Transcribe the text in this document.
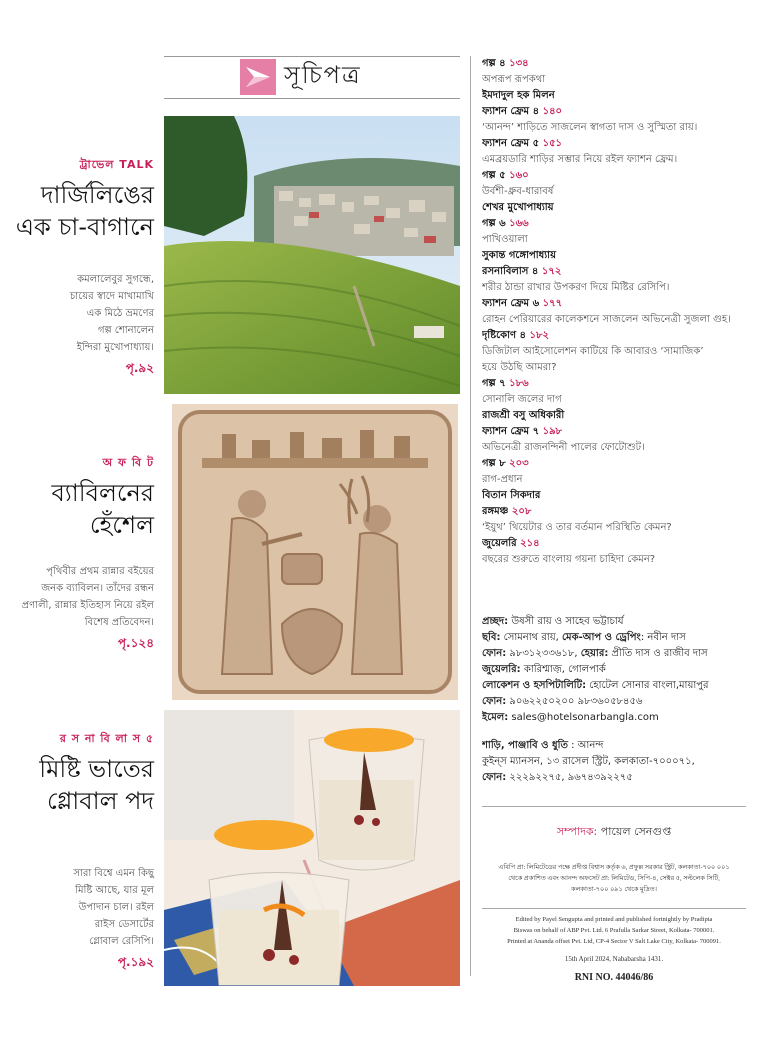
সূচিপত্র
ট্রাভেল TALK
দার্জিলিঙের
এক চা-বাগানে
কমলালেবুর সুগন্ধে,
চায়ের স্বাদে মাখামাখি
এক মিঠে ভ্রমণের
গল্প শোনালেন
ইন্দিরা মুখোপাধ্যায়।
পৃ.৯২
অ ফ বি ট
ব্যাবিলনের
হেঁশেল
পৃথিবীর প্রথম রান্নার বইয়ের
জনক ব্যাবিলন। তাঁদের রন্ধন
প্রণালী, রান্নার ইতিহাস নিয়ে রইল
বিশেষ প্রতিবেদন।
পৃ.১২৪
র স না বি লা স ৫
মিষ্টি ভাতের
গ্লোবাল পদ
সারা বিশ্বে এমন কিছু
মিষ্টি আছে, যার মূল
উপাদান চাল। রইল
রাইস ডেসার্টের
গ্লোবাল রেসিপি।
পৃ.১৯২
গল্প ৪ ১৩৪
অপরূপ রূপকথা
ইমদাদুল হক মিলন
ফ্যাশন ফ্রেম ৪ ১৪০
‘আনন্দ’ শাড়িতে সাজলেন স্বাগতা দাস ও সুস্মিতা রায়।
ফ্যাশন ফ্রেম ৫ ১৫১
এমব্রয়ডারি শাড়ির সম্ভার নিয়ে রইল ফ্যাশন ফ্রেম।
গল্প ৫ ১৬০
উর্বশী-ধ্রুব-ধারাবর্ষ
শেখর মুখোপাধ্যায়
গল্প ৬ ১৬৬
পাখিওয়ালা
সুকান্ত গঙ্গোপাধ্যায়
রসনাবিলাস ৪ ১৭২
শরীর ঠান্ডা রাখার উপকরণ দিয়ে মিষ্টির রেসিপি।
ফ্যাশন ফ্রেম ৬ ১৭৭
রোহন পেরিয়ারের কালেকশনে সাজলেন অভিনেত্রী সুজলা গুহ।
দৃষ্টিকোণ ৪ ১৮২
ডিজিটাল আইসোলেশন কাটিয়ে কি আবারও ‘সামাজিক’
হয়ে উঠছি আমরা?
গল্প ৭ ১৮৬
সোনালি জলের দাগ
রাজশ্রী বসু অধিকারী
ফ্যাশন ফ্রেম ৭ ১৯৮
অভিনেত্রী রাজনন্দিনী পালের ফোটোশুট।
গল্প ৮ ২০৩
রাগ-প্রধান
বিতান সিকদার
রঙ্গমঞ্চ ২০৮
‘ইয়ুথ’ থিয়েটার ও তার বর্তমান পরিস্থিতি কেমন?
জুয়েলরি ২১৪
বছরের শুরুতে বাংলায় গয়না চাহিদা কেমন?
প্রচ্ছদ: উষসী রায় ও সাহেব ভট্টাচার্য
ছবি: সোমনাথ রায়, মেক-আপ ও ড্রেপিং: নবীন দাস
ফোন: ৯৮৩১২৩৩৬১৮, হেয়ার: প্রীতি দাস ও রাজীব দাস
জুয়েলরি: কারিশ্মাজ়, গোলপার্ক
লোকেশন ও হসপিটালিটি: হোটেল সোনার বাংলা,মায়াপুর
ফোন: ৯০৬২২৫০২০০ ৯৮৩৬০৫৮৪৫৬
ইমেল: sales@hotelsonarbangla.com
শাড়ি, পাঞ্জাবি ও ধুতি : আনন্দ
কুইন্‌স ম্যানসন, ১৩ রাসেল স্ট্রিট, কলকাতা-৭০০০৭১,
ফোন: ২২২৯২২৭৫, ৯৬৭৪৩৯২২৭৫
সম্পাদক: পায়েল সেনগুপ্ত
এবিপি প্রা: লিমিটেডের পক্ষে প্রদীপ্ত বিশ্বাস কর্তৃক ৬, প্রফুল্ল সরকার স্ট্রিট, কলকাতা-৭০০ ০০১
থেকে প্রকাশিত এবং আনন্দ অফসেট প্রা: লিমিটেড, সিপি-৪, সেক্টর ৫, সল্টলেক সিটি,
কলকাতা-৭০০ ০৯১ থেকে মুদ্রিত।
Edited by Payel Sengupta and printed and published fortnightly by Pradipta
Biswas on behalf of ABP Pvt. Ltd. 6 Prafulla Sarkar Street, Kolkata- 700001.
Printed at Ananda offset Pvt. Ltd, CP-4 Sector V Salt Lake City, Kolkata- 700091.
15th April 2024, Nababarsha 1431.
RNI NO. 44046/86
